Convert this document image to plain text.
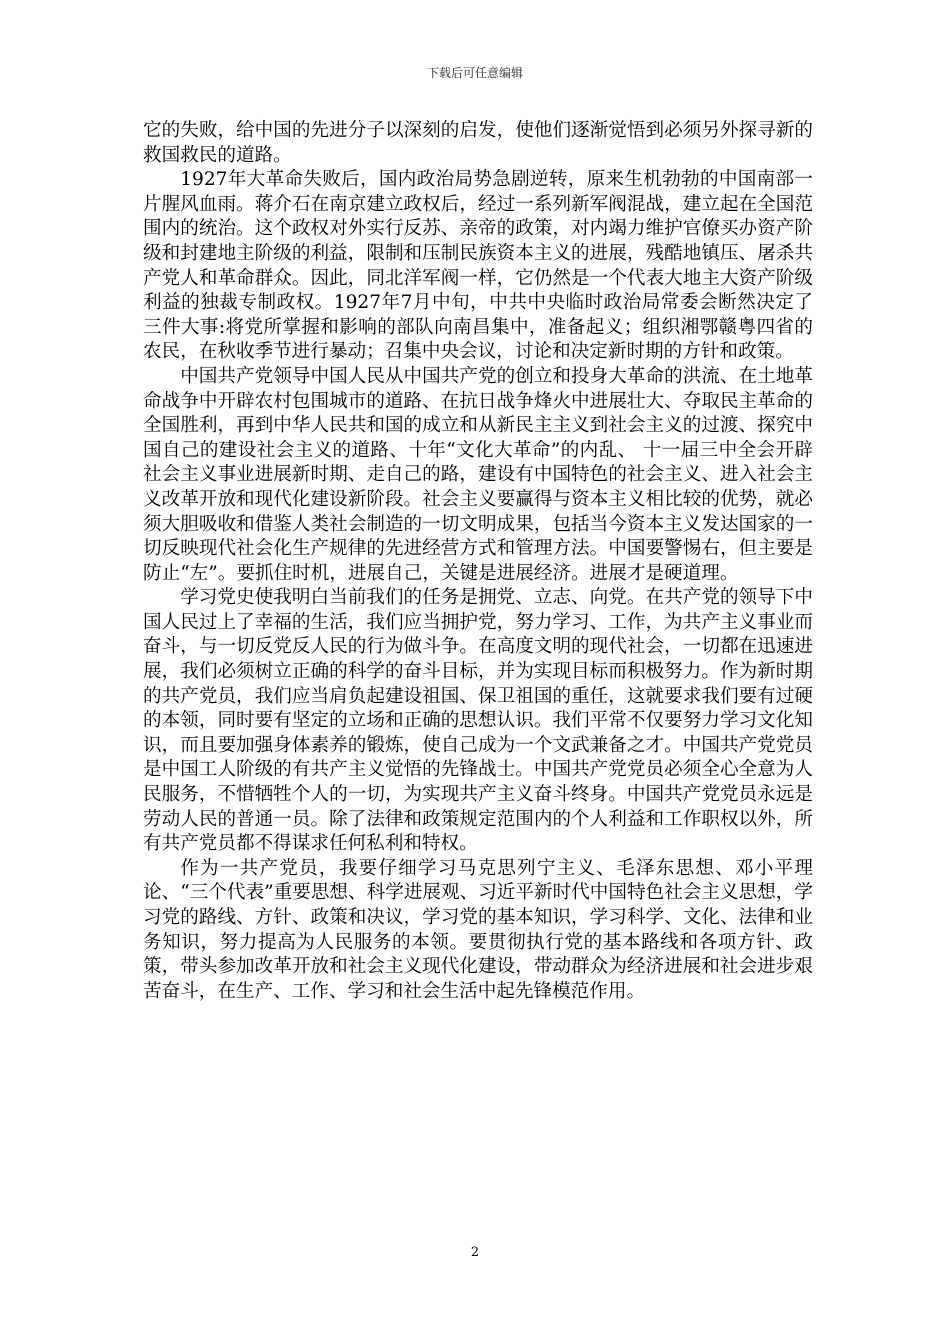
下载后可任意编辑

它的失败，给中国的先进分子以深刻的启发，使他们逐渐觉悟到必须另外探寻新的救国救民的道路。

1927年大革命失败后，国内政治局势急剧逆转，原来生机勃勃的中国南部一片腥风血雨。蒋介石在南京建立政权后，经过一系列新军阀混战，建立起在全国范围内的统治。这个政权对外实行反苏、亲帝的政策，对内竭力维护官僚买办资产阶级和封建地主阶级的利益，限制和压制民族资本主义的进展，残酷地镇压、屠杀共产党人和革命群众。因此，同北洋军阀一样，它仍然是一个代表大地主大资产阶级利益的独裁专制政权。1927年7月中旬，中共中央临时政治局常委会断然决定了三件大事:将党所掌握和影响的部队向南昌集中，准备起义；组织湘鄂赣粤四省的农民，在秋收季节进行暴动；召集中央会议，讨论和决定新时期的方针和政策。

中国共产党领导中国人民从中国共产党的创立和投身大革命的洪流、在土地革命战争中开辟农村包围城市的道路、在抗日战争烽火中进展壮大、夺取民主革命的全国胜利，再到中华人民共和国的成立和从新民主主义到社会主义的过渡、探究中国自己的建设社会主义的道路、十年“文化大革命”的内乱、 十一届三中全会开辟社会主义事业进展新时期、走自己的路，建设有中国特色的社会主义、进入社会主义改革开放和现代化建设新阶段。社会主义要赢得与资本主义相比较的优势，就必须大胆吸收和借鉴人类社会制造的一切文明成果，包括当今资本主义发达国家的一切反映现代社会化生产规律的先进经营方式和管理方法。中国要警惕右，但主要是防止“左”。要抓住时机，进展自己，关键是进展经济。进展才是硬道理。

学习党史使我明白当前我们的任务是拥党、立志、向党。在共产党的领导下中国人民过上了幸福的生活，我们应当拥护党，努力学习、工作，为共产主义事业而奋斗，与一切反党反人民的行为做斗争。在高度文明的现代社会，一切都在迅速进展，我们必须树立正确的科学的奋斗目标，并为实现目标而积极努力。作为新时期的共产党员，我们应当肩负起建设祖国、保卫祖国的重任，这就要求我们要有过硬的本领，同时要有坚定的立场和正确的思想认识。我们平常不仅要努力学习文化知识，而且要加强身体素养的锻炼，使自己成为一个文武兼备之才。中国共产党党员是中国工人阶级的有共产主义觉悟的先锋战士。中国共产党党员必须全心全意为人民服务，不惜牺牲个人的一切，为实现共产主义奋斗终身。中国共产党党员永远是劳动人民的普通一员。除了法律和政策规定范围内的个人利益和工作职权以外，所有共产党员都不得谋求任何私利和特权。

作为一共产党员，我要仔细学习马克思列宁主义、毛泽东思想、邓小平理论、“三个代表”重要思想、科学进展观、习近平新时代中国特色社会主义思想，学习党的路线、方针、政策和决议，学习党的基本知识，学习科学、文化、法律和业务知识，努力提高为人民服务的本领。要贯彻执行党的基本路线和各项方针、政策，带头参加改革开放和社会主义现代化建设，带动群众为经济进展和社会进步艰苦奋斗，在生产、工作、学习和社会生活中起先锋模范作用。

2
